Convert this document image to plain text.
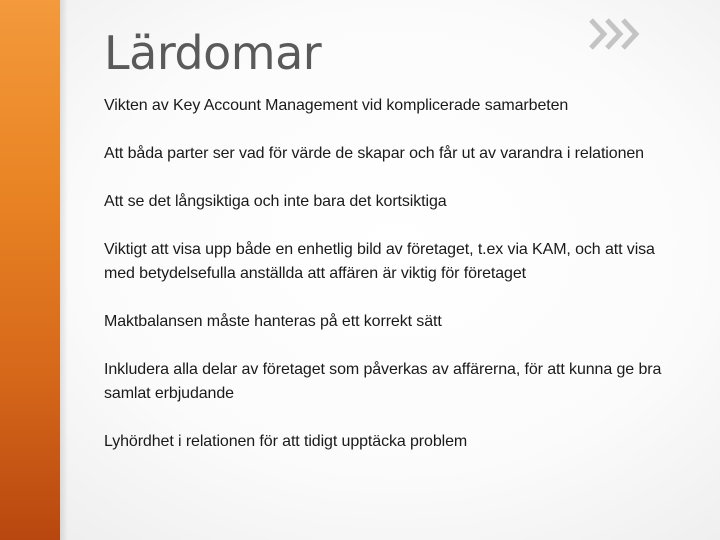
Lärdomar
Vikten av Key Account Management vid komplicerade samarbeten
Att båda parter ser vad för värde de skapar och får ut av varandra i relationen
Att se det långsiktiga och inte bara det kortsiktiga
Viktigt att visa upp både en enhetlig bild av företaget, t.ex via KAM, och att visa med betydelsefulla anställda att affären är viktig för företaget
Maktbalansen måste hanteras på ett korrekt sätt
Inkludera alla delar av företaget som påverkas av affärerna, för att kunna ge bra samlat erbjudande
Lyhördhet i relationen för att tidigt upptäcka problem
